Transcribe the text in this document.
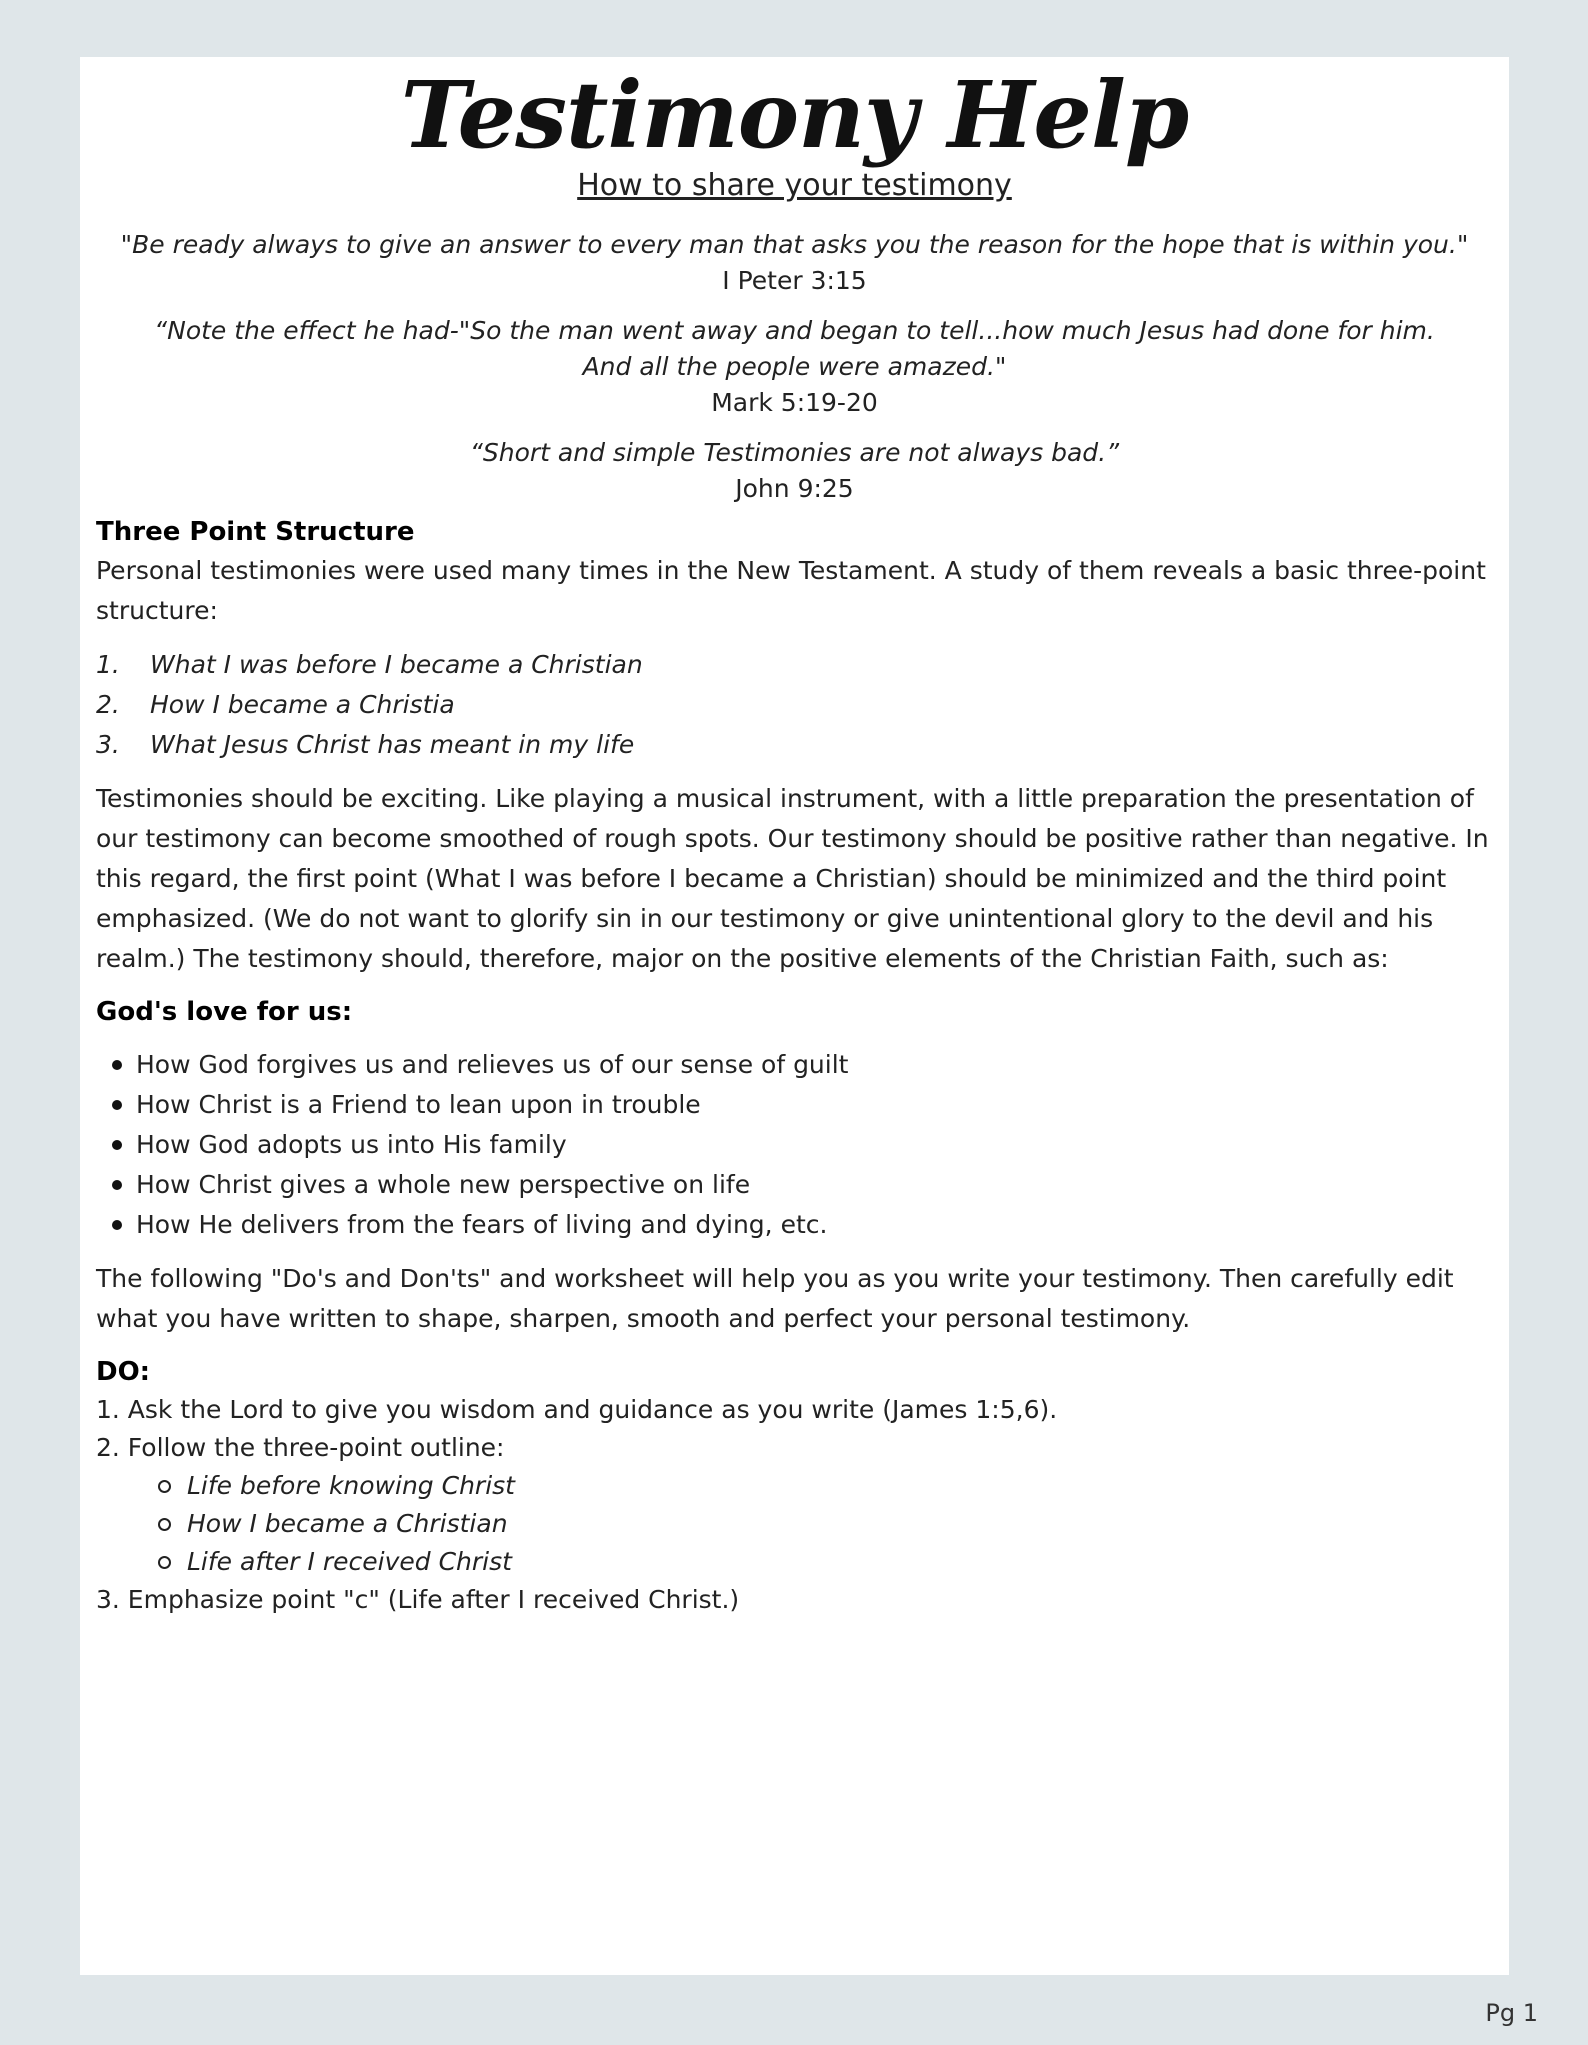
Testimony Help
How to share your testimony
"Be ready always to give an answer to every man that asks you the reason for the hope that is within you."
I Peter 3:15
“Note the effect he had-"So the man went away and began to tell...how much Jesus had done for him.
And all the people were amazed."
Mark 5:19-20
“Short and simple Testimonies are not always bad.”
John 9:25
Three Point Structure

Personal testimonies were used many times in the New Testament. A study of them reveals a basic three-point structure:

1.	What I was before I became a Christian
2.	How I became a Christia
3.	What Jesus Christ has meant in my life

Testimonies should be exciting. Like playing a musical instrument, with a little preparation the presentation of our testimony can become smoothed of rough spots. Our testimony should be positive rather than negative. In this regard, the first point (What I was before I became a Christian) should be minimized and the third point emphasized. (We do not want to glorify sin in our testimony or give unintentional glory to the devil and his realm.) The testimony should, therefore, major on the positive elements of the Christian Faith, such as:

God's love for us:
How God forgives us and relieves us of our sense of guilt
How Christ is a Friend to lean upon in trouble
How God adopts us into His family
How Christ gives a whole new perspective on life
How He delivers from the fears of living and dying, etc.

The following "Do's and Don'ts" and worksheet will help you as you write your testimony. Then carefully edit what you have written to shape, sharpen, smooth and perfect your personal testimony.

DO:
1. Ask the Lord to give you wisdom and guidance as you write (James 1:5,6).
2. Follow the three-point outline:
Life before knowing Christ
How I became a Christian
Life after I received Christ
3. Emphasize point "c" (Life after I received Christ.)
Pg 1
